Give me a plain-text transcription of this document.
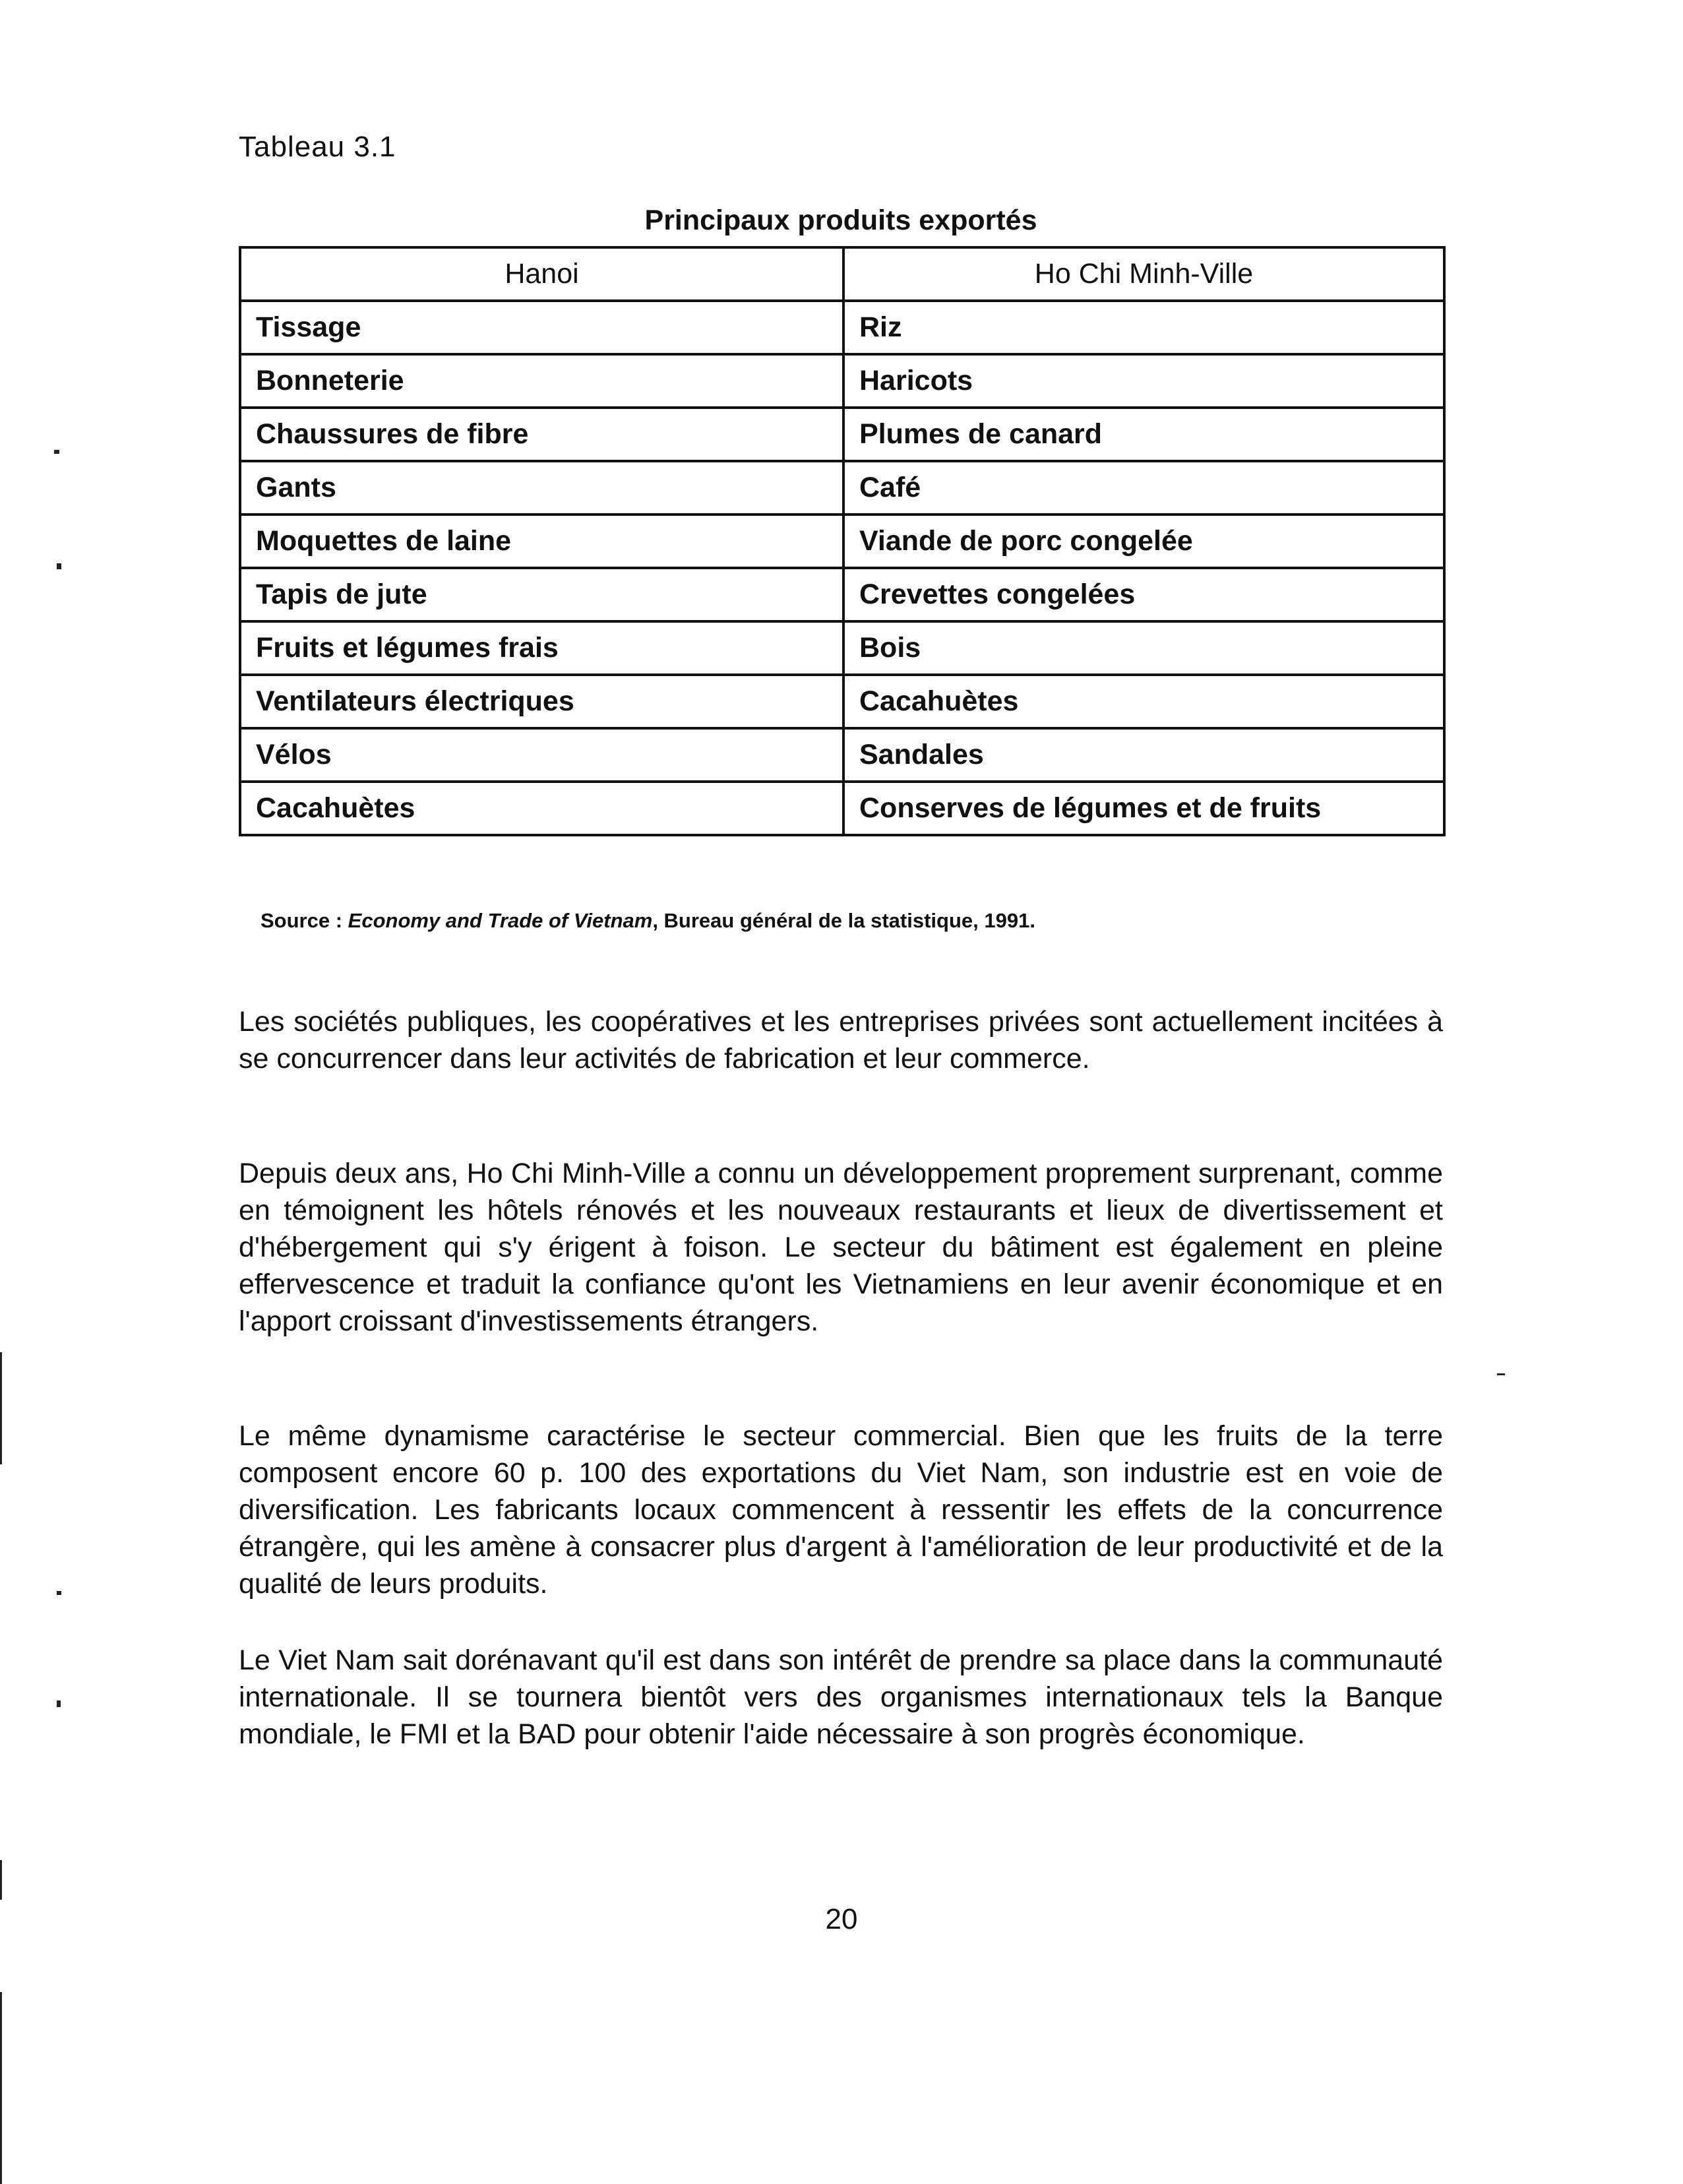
Tableau 3.1
Principaux produits exportés
Hanoi	Ho Chi Minh-Ville
Tissage	Riz
Bonneterie	Haricots
Chaussures de fibre	Plumes de canard
Gants	Café
Moquettes de laine	Viande de porc congelée
Tapis de jute	Crevettes congelées
Fruits et légumes frais	Bois
Ventilateurs électriques	Cacahuètes
Vélos	Sandales
Cacahuètes	Conserves de légumes et de fruits
Source : Economy and Trade of Vietnam, Bureau général de la statistique, 1991.

Les sociétés publiques, les coopératives et les entreprises privées sont actuellement incitées à se concurrencer dans leur activités de fabrication et leur commerce.

Depuis deux ans, Ho Chi Minh-Ville a connu un développement proprement surprenant, comme en témoignent les hôtels rénovés et les nouveaux restaurants et lieux de divertissement et d'hébergement qui s'y érigent à foison. Le secteur du bâtiment est également en pleine effervescence et traduit la confiance qu'ont les Vietnamiens en leur avenir économique et en l'apport croissant d'investissements étrangers.

Le même dynamisme caractérise le secteur commercial. Bien que les fruits de la terre composent encore 60 p. 100 des exportations du Viet Nam, son industrie est en voie de diversification. Les fabricants locaux commencent à ressentir les effets de la concurrence étrangère, qui les amène à consacrer plus d'argent à l'amélioration de leur productivité et de la qualité de leurs produits.

Le Viet Nam sait dorénavant qu'il est dans son intérêt de prendre sa place dans la communauté internationale. Il se tournera bientôt vers des organismes internationaux tels la Banque mondiale, le FMI et la BAD pour obtenir l'aide nécessaire à son progrès économique.

20
